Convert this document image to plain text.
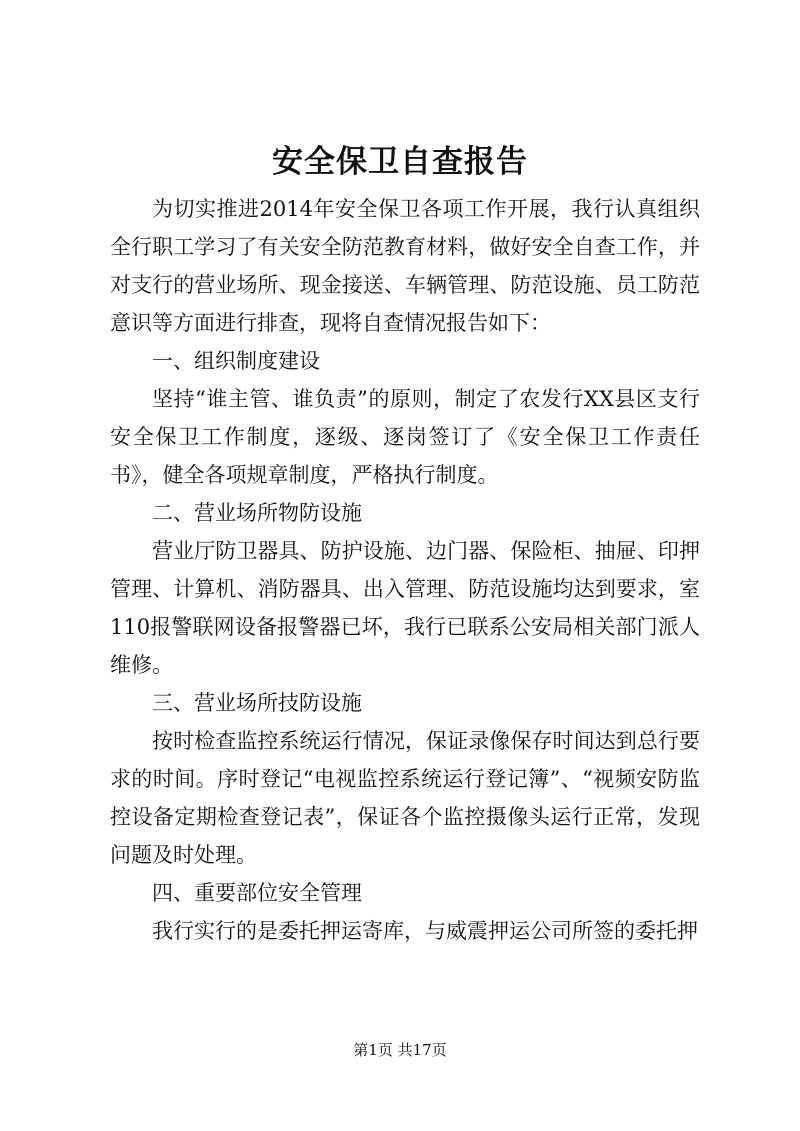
安全保卫自查报告

为切实推进2014年安全保卫各项工作开展，我行认真组织全行职工学习了有关安全防范教育材料，做好安全自查工作，并对支行的营业场所、现金接送、车辆管理、防范设施、员工防范意识等方面进行排查，现将自查情况报告如下：

一、组织制度建设

坚持“谁主管、谁负责”的原则，制定了农发行XX县区支行安全保卫工作制度，逐级、逐岗签订了《安全保卫工作责任书》，健全各项规章制度，严格执行制度。

二、营业场所物防设施

营业厅防卫器具、防护设施、边门器、保险柜、抽屉、印押管理、计算机、消防器具、出入管理、防范设施均达到要求，室110报警联网设备报警器已坏，我行已联系公安局相关部门派人维修。

三、营业场所技防设施

按时检查监控系统运行情况，保证录像保存时间达到总行要求的时间。序时登记“电视监控系统运行登记簿”、“视频安防监控设备定期检查登记表”，保证各个监控摄像头运行正常，发现问题及时处理。

四、重要部位安全管理

我行实行的是委托押运寄库，与威震押运公司所签的委托押

第1页 共17页
